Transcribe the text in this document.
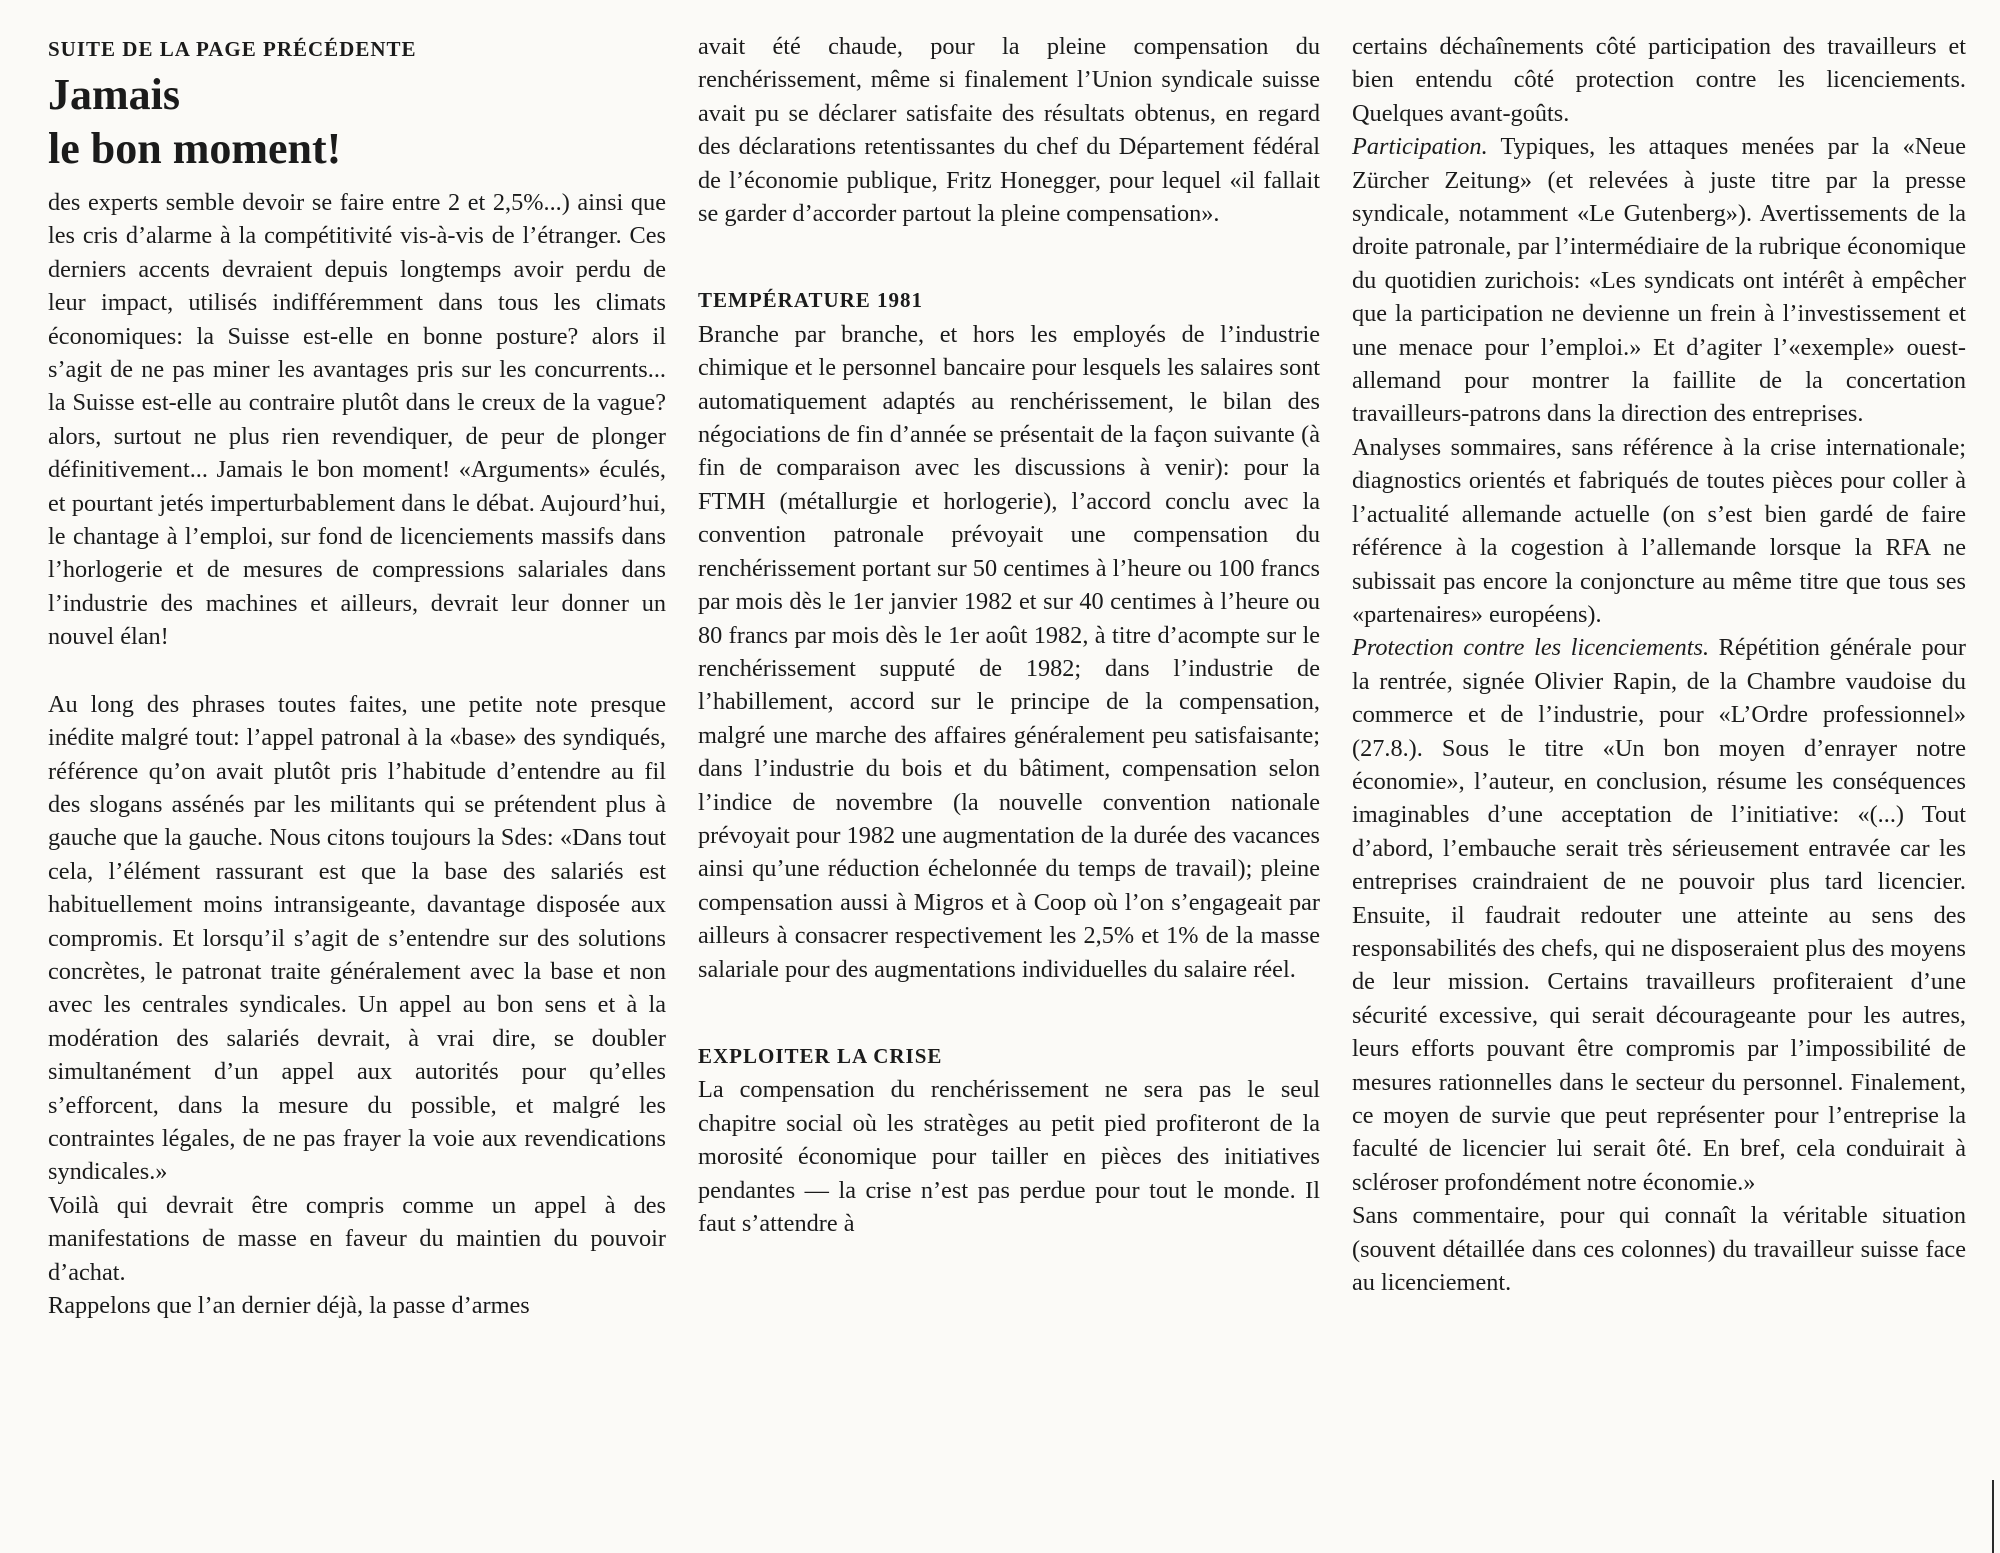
SUITE DE LA PAGE PRÉCÉDENTE
Jamais
le bon moment!

des experts semble devoir se faire entre 2 et 2,5%...) ainsi que les cris d’alarme à la compétitivité vis-à-vis de l’étranger. Ces derniers accents devraient depuis longtemps avoir perdu de leur impact, utilisés indifféremment dans tous les climats économiques: la Suisse est-elle en bonne posture? alors il s’agit de ne pas miner les avantages pris sur les concurrents... la Suisse est-elle au contraire plutôt dans le creux de la vague? alors, surtout ne plus rien revendiquer, de peur de plonger définitivement... Jamais le bon moment! «Arguments» éculés, et pourtant jetés imperturbablement dans le débat. Aujourd’hui, le chantage à l’emploi, sur fond de licenciements massifs dans l’horlogerie et de mesures de compressions salariales dans l’industrie des machines et ailleurs, devrait leur donner un nouvel élan!

Au long des phrases toutes faites, une petite note presque inédite malgré tout: l’appel patronal à la «base» des syndiqués, référence qu’on avait plutôt pris l’habitude d’entendre au fil des slogans assénés par les militants qui se prétendent plus à gauche que la gauche. Nous citons toujours la Sdes: «Dans tout cela, l’élément rassurant est que la base des salariés est habituellement moins intransigeante, davantage disposée aux compromis. Et lorsqu’il s’agit de s’entendre sur des solutions concrètes, le patronat traite généralement avec la base et non avec les centrales syndicales. Un appel au bon sens et à la modération des salariés devrait, à vrai dire, se doubler simultanément d’un appel aux autorités pour qu’elles s’efforcent, dans la mesure du possible, et malgré les contraintes légales, de ne pas frayer la voie aux revendications syndicales.»

Voilà qui devrait être compris comme un appel à des manifestations de masse en faveur du maintien du pouvoir d’achat.

Rappelons que l’an dernier déjà, la passe d’armes

avait été chaude, pour la pleine compensation du renchérissement, même si finalement l’Union syndicale suisse avait pu se déclarer satisfaite des résultats obtenus, en regard des déclarations retentissantes du chef du Département fédéral de l’économie publique, Fritz Honegger, pour lequel «il fallait se garder d’accorder partout la pleine compensation».

TEMPÉRATURE 1981

Branche par branche, et hors les employés de l’industrie chimique et le personnel bancaire pour lesquels les salaires sont automatiquement adaptés au renchérissement, le bilan des négociations de fin d’année se présentait de la façon suivante (à fin de comparaison avec les discussions à venir): pour la FTMH (métallurgie et horlogerie), l’accord conclu avec la convention patronale prévoyait une compensation du renchérissement portant sur 50 centimes à l’heure ou 100 francs par mois dès le 1er janvier 1982 et sur 40 centimes à l’heure ou 80 francs par mois dès le 1er août 1982, à titre d’acompte sur le renchérissement supputé de 1982; dans l’industrie de l’habillement, accord sur le principe de la compensation, malgré une marche des affaires généralement peu satisfaisante; dans l’industrie du bois et du bâtiment, compensation selon l’indice de novembre (la nouvelle convention nationale prévoyait pour 1982 une augmentation de la durée des vacances ainsi qu’une réduction échelonnée du temps de travail); pleine compensation aussi à Migros et à Coop où l’on s’engageait par ailleurs à consacrer respectivement les 2,5% et 1% de la masse salariale pour des augmentations individuelles du salaire réel.

EXPLOITER LA CRISE

La compensation du renchérissement ne sera pas le seul chapitre social où les stratèges au petit pied profiteront de la morosité économique pour tailler en pièces des initiatives pendantes — la crise n’est pas perdue pour tout le monde. Il faut s’attendre à

certains déchaînements côté participation des travailleurs et bien entendu côté protection contre les licenciements. Quelques avant-goûts.

Participation. Typiques, les attaques menées par la «Neue Zürcher Zeitung» (et relevées à juste titre par la presse syndicale, notamment «Le Gutenberg»). Avertissements de la droite patronale, par l’intermédiaire de la rubrique économique du quotidien zurichois: «Les syndicats ont intérêt à empêcher que la participation ne devienne un frein à l’investissement et une menace pour l’emploi.» Et d’agiter l’«exemple» ouest-allemand pour montrer la faillite de la concertation travailleurs-patrons dans la direction des entreprises.

Analyses sommaires, sans référence à la crise internationale; diagnostics orientés et fabriqués de toutes pièces pour coller à l’actualité allemande actuelle (on s’est bien gardé de faire référence à la cogestion à l’allemande lorsque la RFA ne subissait pas encore la conjoncture au même titre que tous ses «partenaires» européens).

Protection contre les licenciements. Répétition générale pour la rentrée, signée Olivier Rapin, de la Chambre vaudoise du commerce et de l’industrie, pour «L’Ordre professionnel» (27.8.). Sous le titre «Un bon moyen d’enrayer notre économie», l’auteur, en conclusion, résume les conséquences imaginables d’une acceptation de l’initiative: «(...) Tout d’abord, l’embauche serait très sérieusement entravée car les entreprises craindraient de ne pouvoir plus tard licencier. Ensuite, il faudrait redouter une atteinte au sens des responsabilités des chefs, qui ne disposeraient plus des moyens de leur mission. Certains travailleurs profiteraient d’une sécurité excessive, qui serait décourageante pour les autres, leurs efforts pouvant être compromis par l’impossibilité de mesures rationnelles dans le secteur du personnel. Finalement, ce moyen de survie que peut représenter pour l’entreprise la faculté de licencier lui serait ôté. En bref, cela conduirait à scléroser profondément notre économie.»

Sans commentaire, pour qui connaît la véritable situation (souvent détaillée dans ces colonnes) du travailleur suisse face au licenciement.
